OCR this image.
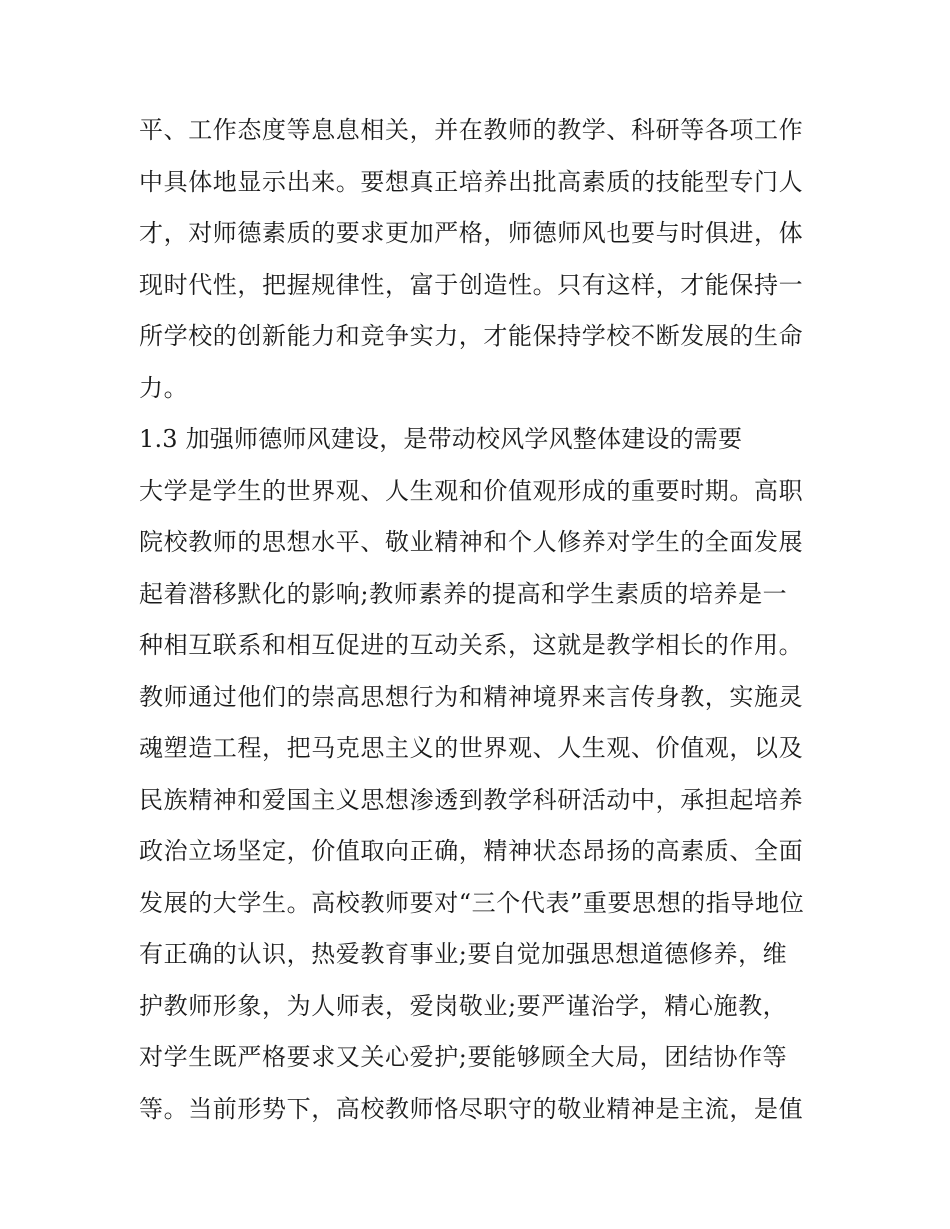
平、工作态度等息息相关，并在教师的教学、科研等各项工作
中具体地显示出来。要想真正培养出批高素质的技能型专门人
才，对师德素质的要求更加严格，师德师风也要与时俱进，体
现时代性，把握规律性，富于创造性。只有这样，才能保持一
所学校的创新能力和竞争实力，才能保持学校不断发展的生命
力。
1.3 加强师德师风建设，是带动校风学风整体建设的需要
大学是学生的世界观、人生观和价值观形成的重要时期。高职
院校教师的思想水平、敬业精神和个人修养对学生的全面发展
起着潜移默化的影响;教师素养的提高和学生素质的培养是一
种相互联系和相互促进的互动关系，这就是教学相长的作用。
教师通过他们的崇高思想行为和精神境界来言传身教，实施灵
魂塑造工程，把马克思主义的世界观、人生观、价值观，以及
民族精神和爱国主义思想渗透到教学科研活动中，承担起培养
政治立场坚定，价值取向正确，精神状态昂扬的高素质、全面
发展的大学生。高校教师要对“三个代表”重要思想的指导地位
有正确的认识，热爱教育事业;要自觉加强思想道德修养，维
护教师形象，为人师表，爱岗敬业;要严谨治学，精心施教，
对学生既严格要求又关心爱护;要能够顾全大局，团结协作等
等。当前形势下，高校教师恪尽职守的敬业精神是主流，是值
